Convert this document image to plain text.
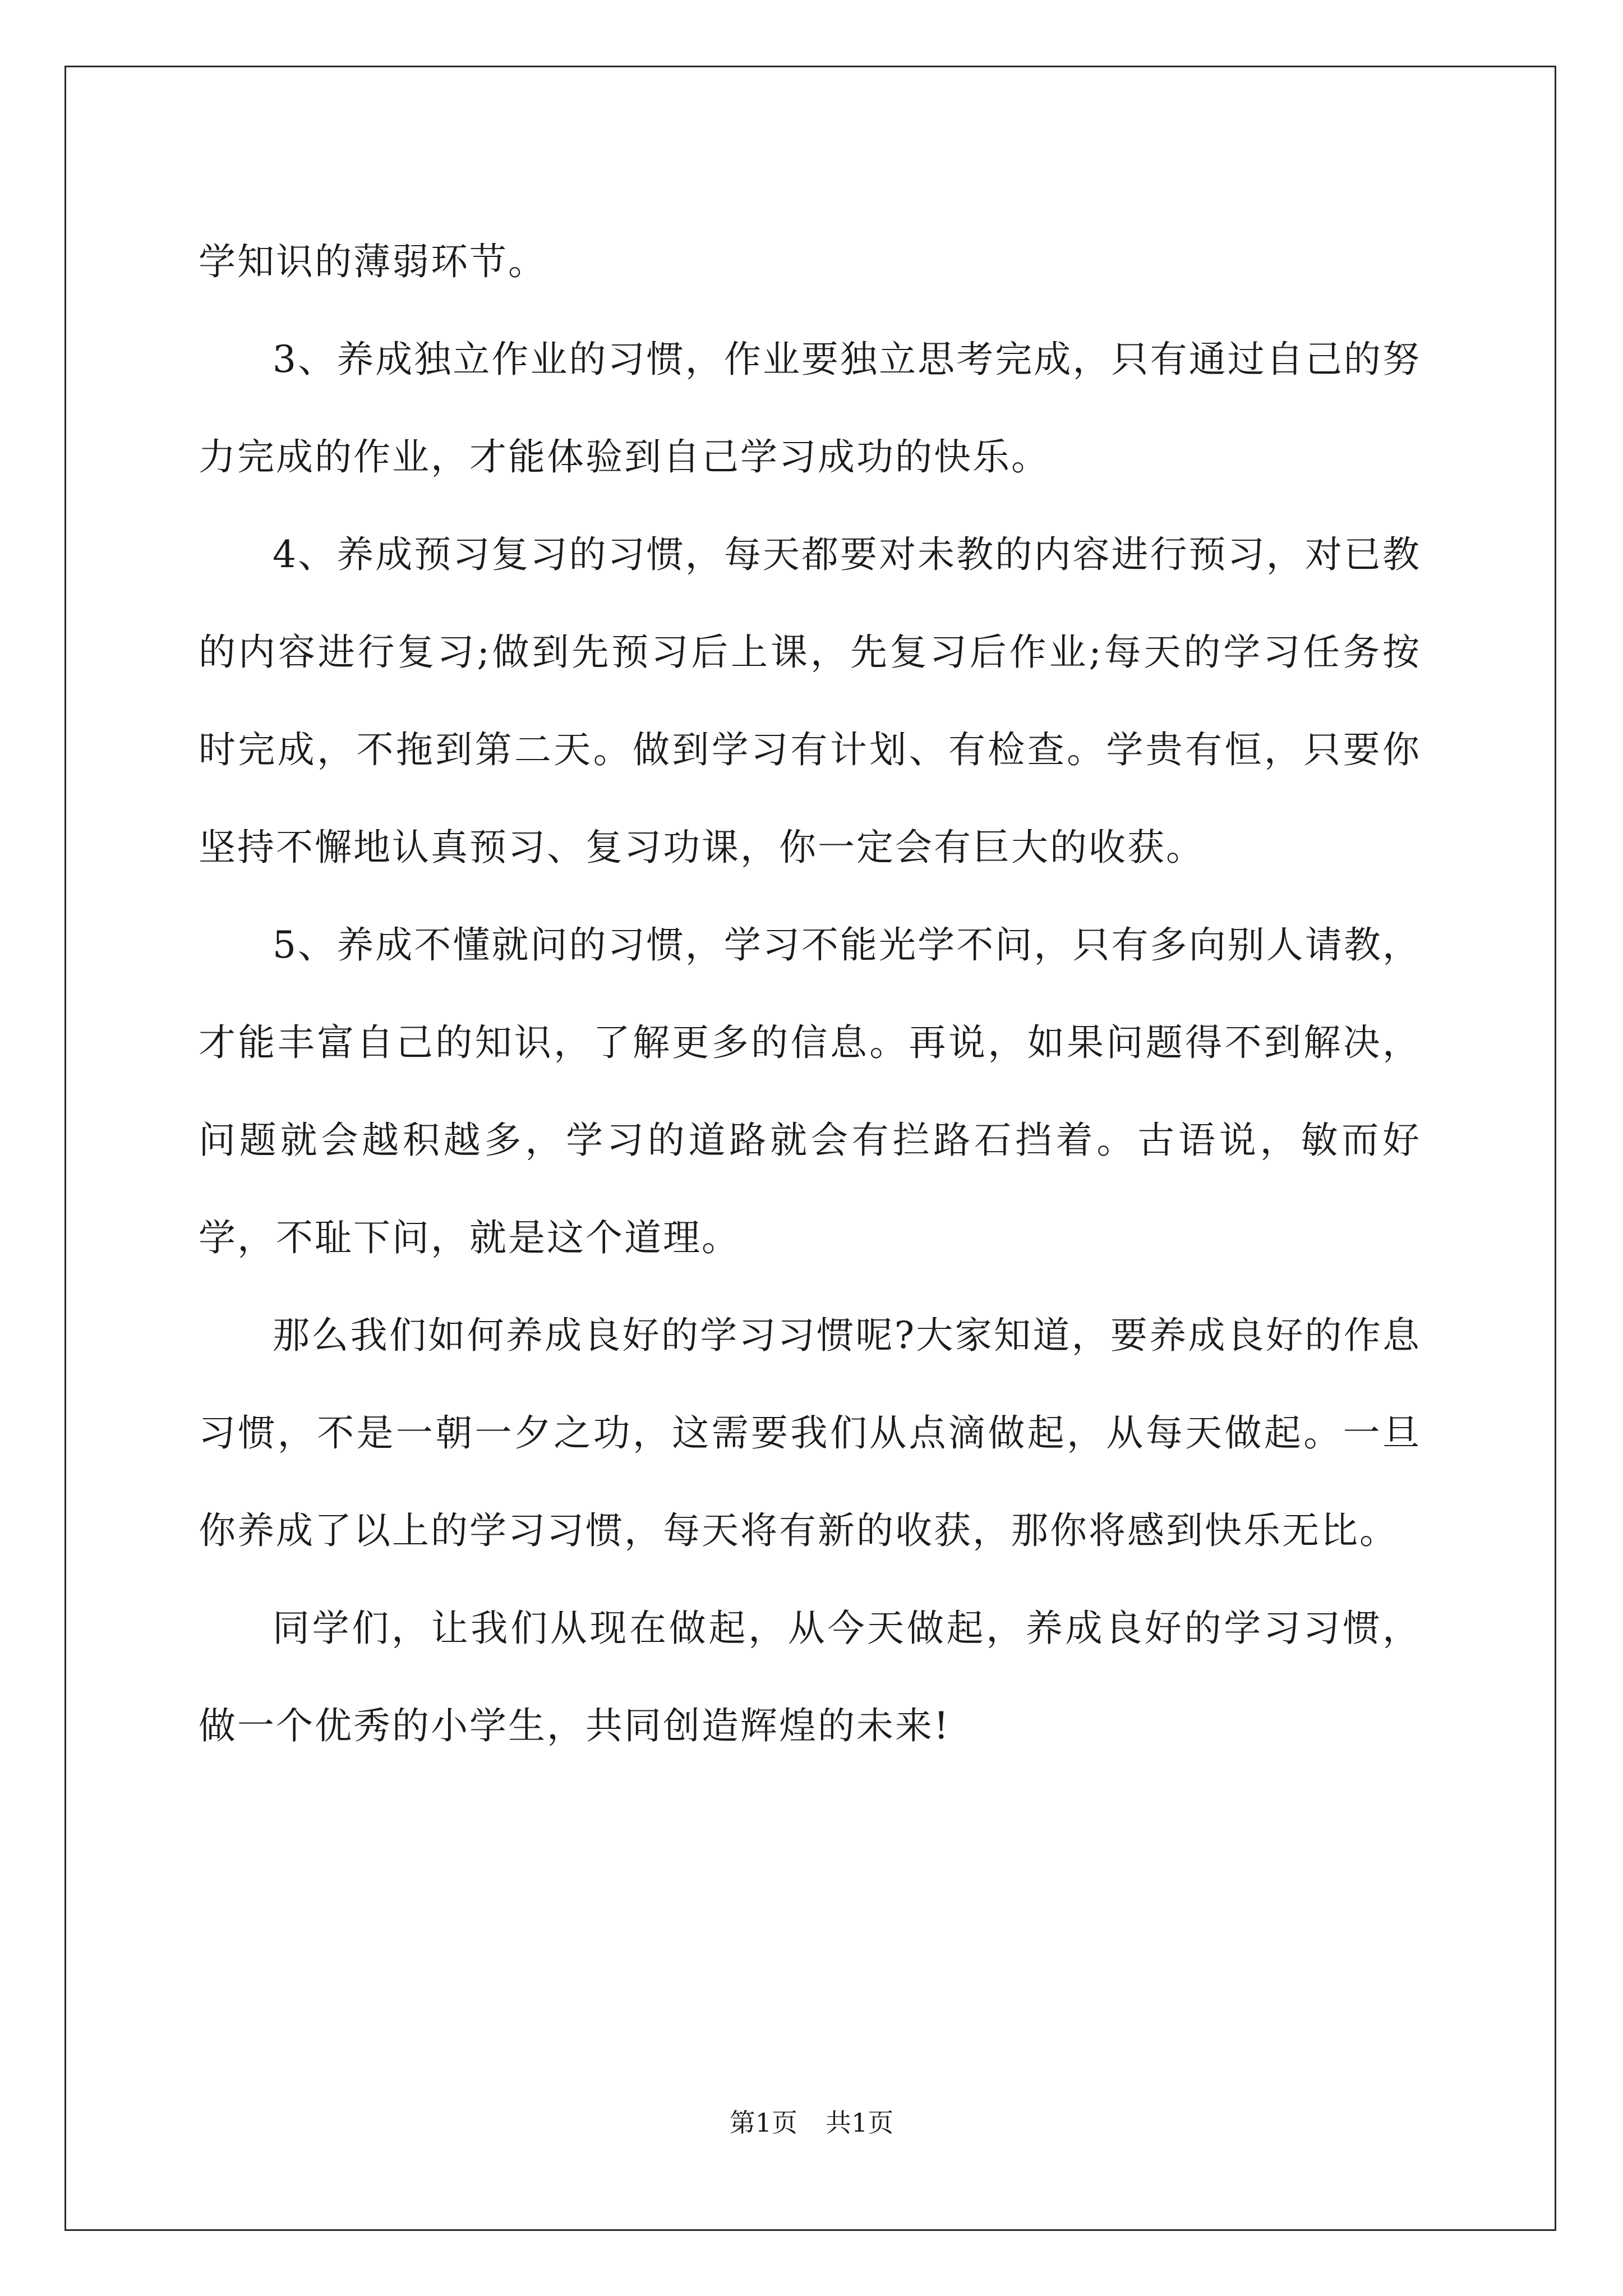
学知识的薄弱环节。

3、养成独立作业的习惯，作业要独立思考完成，只有通过自己的努力完成的作业，才能体验到自己学习成功的快乐。

4、养成预习复习的习惯，每天都要对未教的内容进行预习，对已教的内容进行复习;做到先预习后上课，先复习后作业;每天的学习任务按时完成，不拖到第二天。做到学习有计划、有检查。学贵有恒，只要你坚持不懈地认真预习、复习功课，你一定会有巨大的收获。

5、养成不懂就问的习惯，学习不能光学不问，只有多向别人请教，才能丰富自己的知识，了解更多的信息。再说，如果问题得不到解决，问题就会越积越多，学习的道路就会有拦路石挡着。古语说，敏而好学，不耻下问，就是这个道理。

那么我们如何养成良好的学习习惯呢?大家知道，要养成良好的作息习惯，不是一朝一夕之功，这需要我们从点滴做起，从每天做起。一旦你养成了以上的学习习惯，每天将有新的收获，那你将感到快乐无比。

同学们，让我们从现在做起，从今天做起，养成良好的学习习惯，做一个优秀的小学生，共同创造辉煌的未来!

第1页 共1页
